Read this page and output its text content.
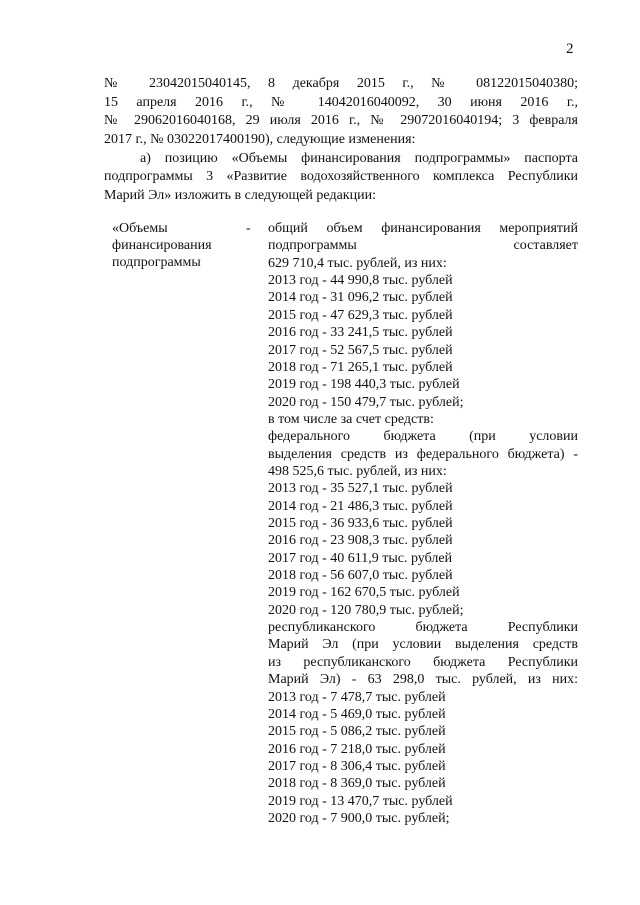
2
№ 23042015040145, 8 декабря 2015 г., № 08122015040380;
15 апреля 2016 г., № 14042016040092, 30 июня 2016 г.,
№ 29062016040168, 29 июля 2016 г., № 29072016040194; 3 февраля
2017 г., № 03022017400190), следующие изменения:
а) позицию «Объемы финансирования подпрограммы» паспорта
подпрограммы 3 «Развитие водохозяйственного комплекса Республики
Марий Эл» изложить в следующей редакции:
«Объемы
финансирования
подпрограммы
- общий объем финансирования мероприятий
подпрограммы составляет
629 710,4 тыс. рублей, из них:
2013 год - 44 990,8 тыс. рублей
2014 год - 31 096,2 тыс. рублей
2015 год - 47 629,3 тыс. рублей
2016 год - 33 241,5 тыс. рублей
2017 год - 52 567,5 тыс. рублей
2018 год - 71 265,1 тыс. рублей
2019 год - 198 440,3 тыс. рублей
2020 год - 150 479,7 тыс. рублей;
в том числе за счет средств:
федерального бюджета (при условии
выделения средств из федерального бюджета) -
498 525,6 тыс. рублей, из них:
2013 год - 35 527,1 тыс. рублей
2014 год - 21 486,3 тыс. рублей
2015 год - 36 933,6 тыс. рублей
2016 год - 23 908,3 тыс. рублей
2017 год - 40 611,9 тыс. рублей
2018 год - 56 607,0 тыс. рублей
2019 год - 162 670,5 тыс. рублей
2020 год - 120 780,9 тыс. рублей;
республиканского бюджета Республики
Марий Эл (при условии выделения средств
из республиканского бюджета Республики
Марий Эл) - 63 298,0 тыс. рублей, из них:
2013 год - 7 478,7 тыс. рублей
2014 год - 5 469,0 тыс. рублей
2015 год - 5 086,2 тыс. рублей
2016 год - 7 218,0 тыс. рублей
2017 год - 8 306,4 тыс. рублей
2018 год - 8 369,0 тыс. рублей
2019 год - 13 470,7 тыс. рублей
2020 год - 7 900,0 тыс. рублей;
